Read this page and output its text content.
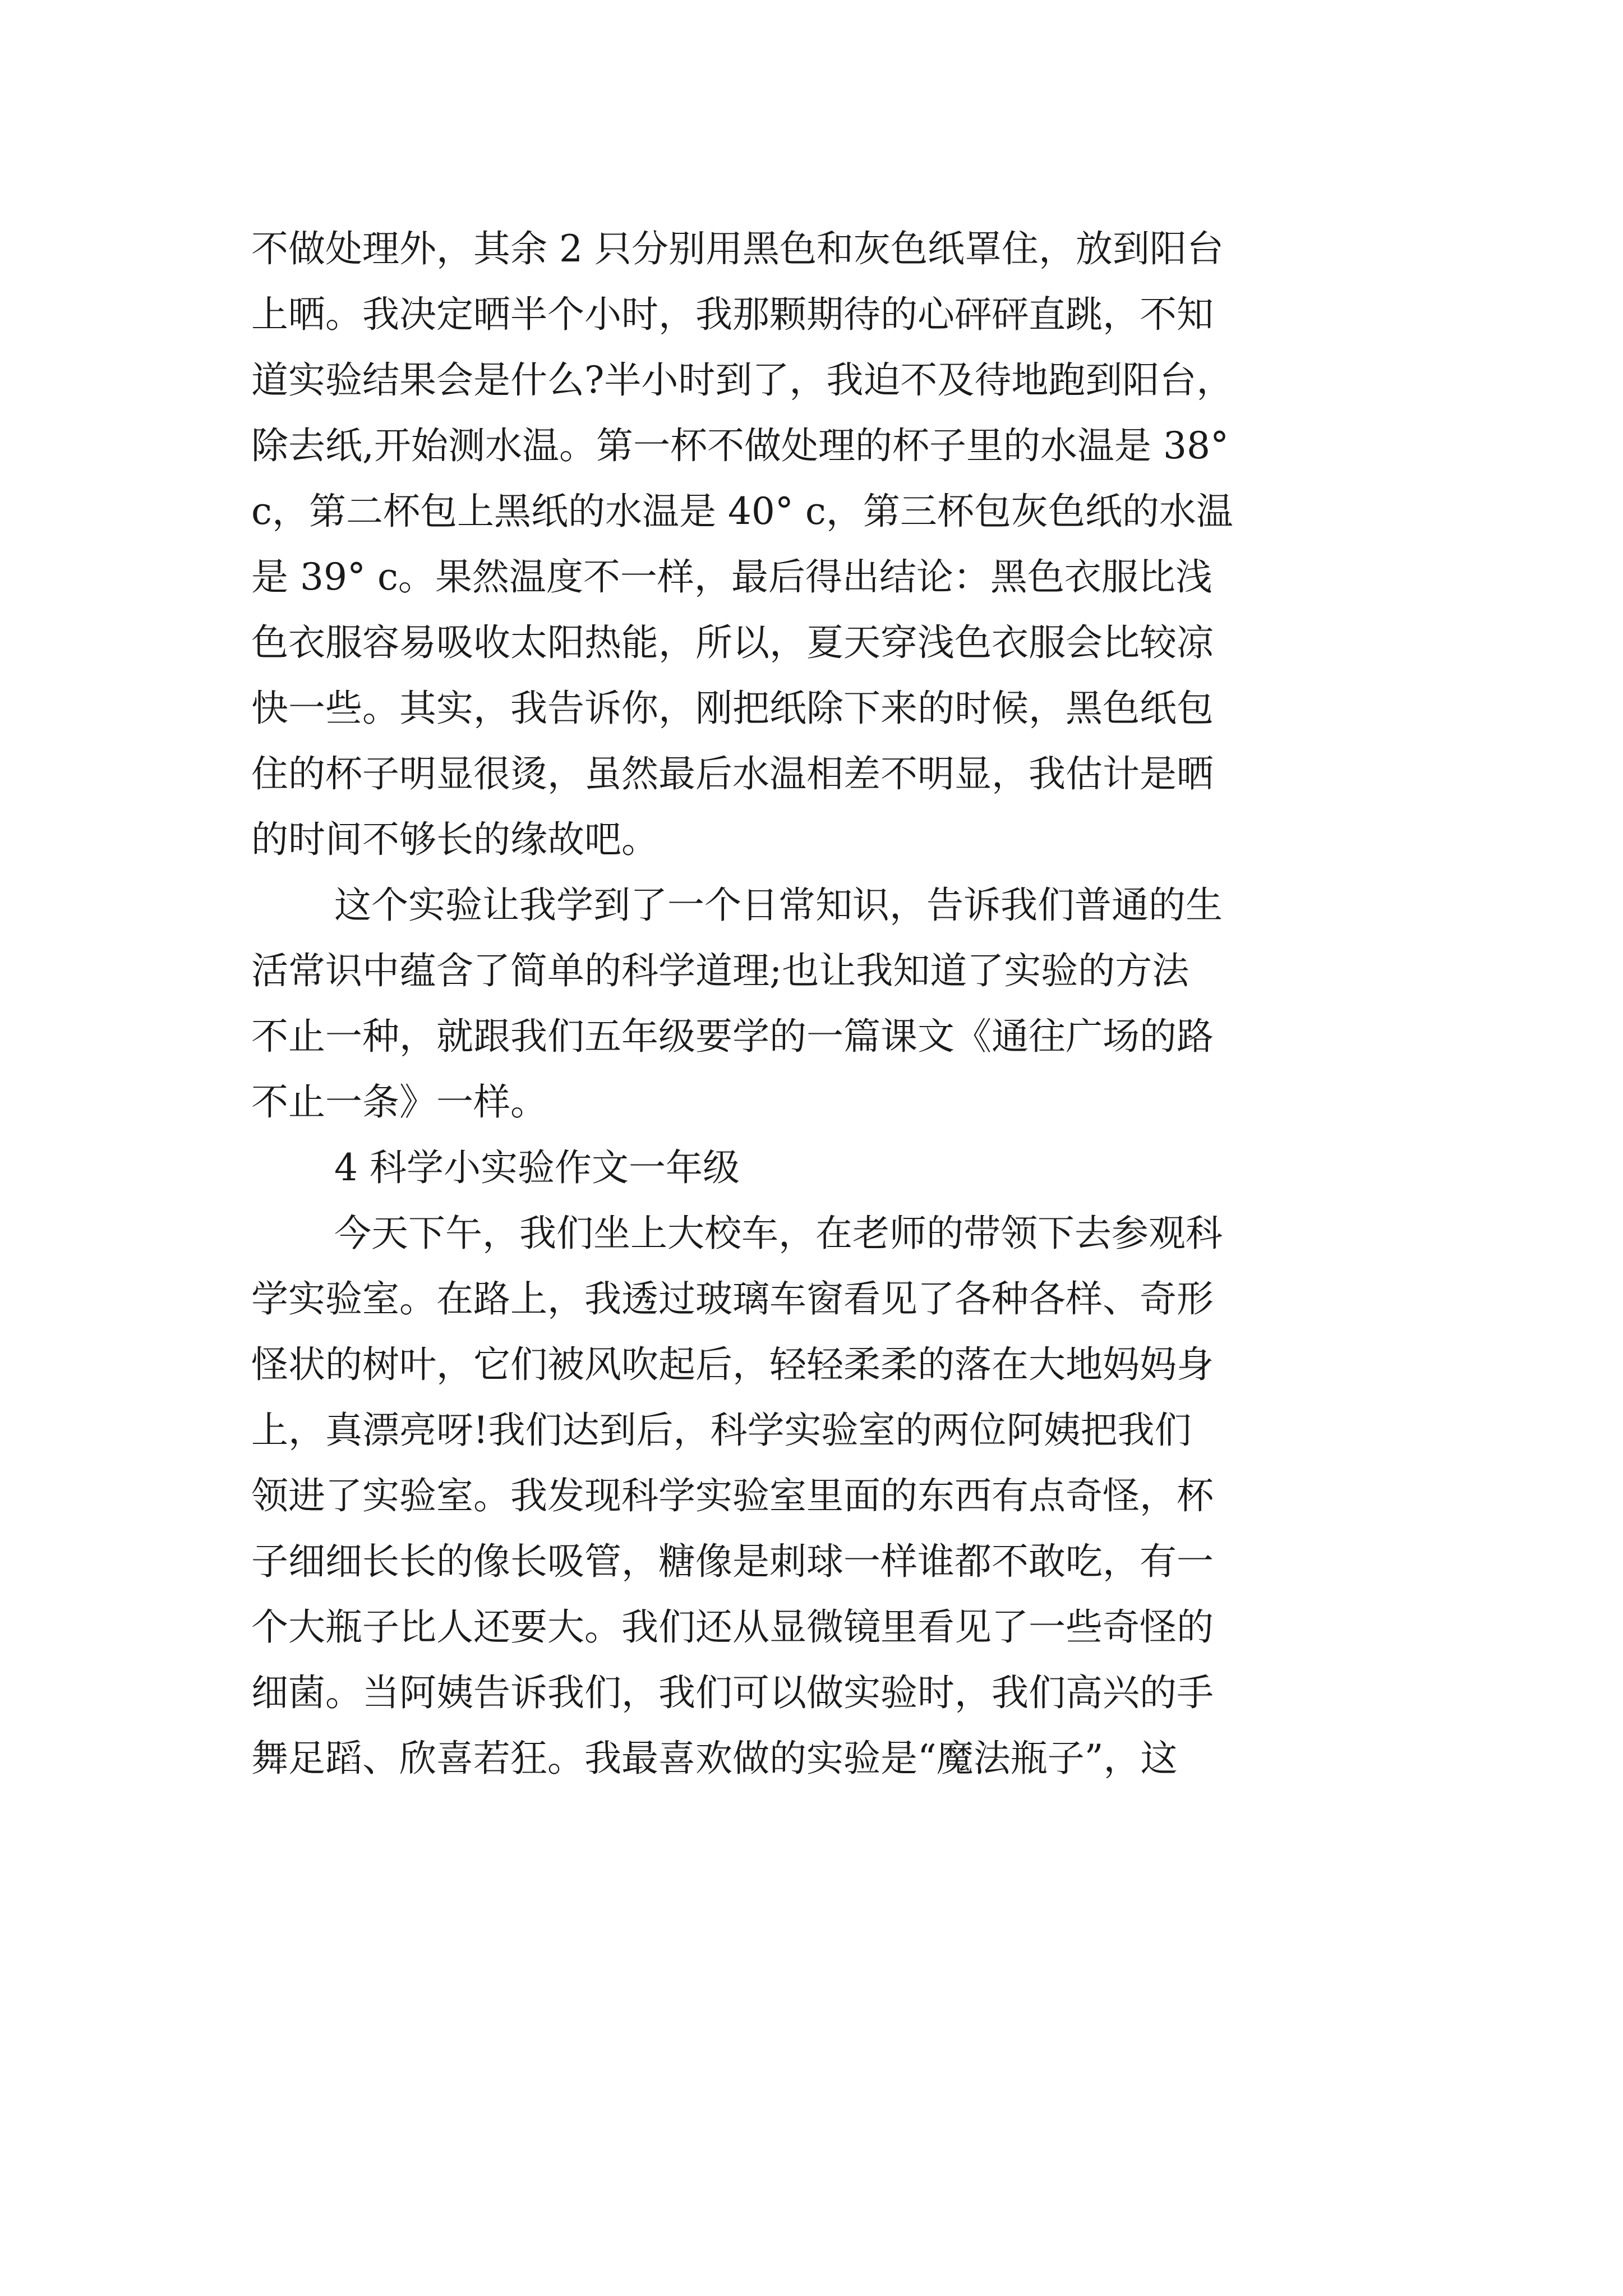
不做处理外，其余 2 只分别用黑色和灰色纸罩住，放到阳台
上晒。我决定晒半个小时，我那颗期待的心砰砰直跳，不知
道实验结果会是什么?半小时到了，我迫不及待地跑到阳台，
除去纸,开始测水温。第一杯不做处理的杯子里的水温是 38°
c，第二杯包上黑纸的水温是 40° c，第三杯包灰色纸的水温
是 39° c。果然温度不一样，最后得出结论：黑色衣服比浅
色衣服容易吸收太阳热能，所以，夏天穿浅色衣服会比较凉
快一些。其实，我告诉你，刚把纸除下来的时候，黑色纸包
住的杯子明显很烫，虽然最后水温相差不明显，我估计是晒
的时间不够长的缘故吧。
这个实验让我学到了一个日常知识，告诉我们普通的生
活常识中蕴含了简单的科学道理;也让我知道了实验的方法
不止一种，就跟我们五年级要学的一篇课文《通往广场的路
不止一条》一样。
4 科学小实验作文一年级
今天下午，我们坐上大校车，在老师的带领下去参观科
学实验室。在路上，我透过玻璃车窗看见了各种各样、奇形
怪状的树叶，它们被风吹起后，轻轻柔柔的落在大地妈妈身
上，真漂亮呀!我们达到后，科学实验室的两位阿姨把我们
领进了实验室。我发现科学实验室里面的东西有点奇怪，杯
子细细长长的像长吸管，糖像是刺球一样谁都不敢吃，有一
个大瓶子比人还要大。我们还从显微镜里看见了一些奇怪的
细菌。当阿姨告诉我们，我们可以做实验时，我们高兴的手
舞足蹈、欣喜若狂。我最喜欢做的实验是“魔法瓶子”，这
